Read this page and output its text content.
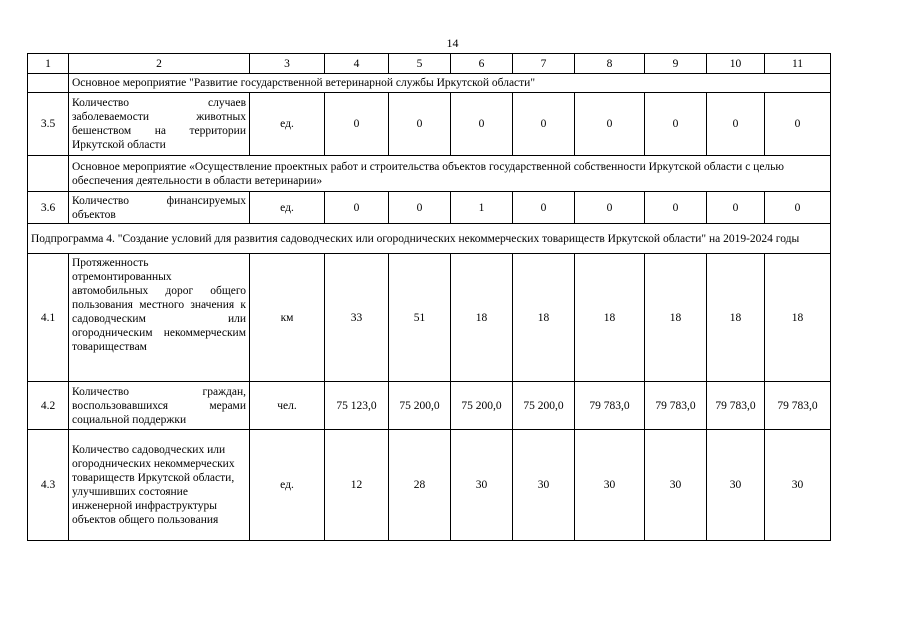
14
1	2	3	4	5	6	7	8	9	10	11
	Основное мероприятие "Развитие государственной ветеринарной службы Иркутской области"									
3.5	Количество случаев заболеваемости животных бешенством на территории Иркутской области	ед.	0	0	0	0	0	0	0	0
	Основное мероприятие «Осуществление проектных работ и строительства объектов государственной собственности Иркутской области с целью обеспечения деятельности в области ветеринарии»									
3.6	Количество финансируемых объектов	ед.	0	0	1	0	0	0	0	0
Подпрограмма 4. "Создание условий для развития садоводческих или огороднических некоммерческих товариществ Иркутской области" на 2019-2024 годы										
4.1	Протяженность отремонтированных автомобильных дорог общего пользования местного значения к садоводческим или огородническим некоммерческим товариществам	км	33	51	18	18	18	18	18	18
4.2	Количество граждан, воспользовавшихся мерами социальной поддержки	чел.	75 123,0	75 200,0	75 200,0	75 200,0	79 783,0	79 783,0	79 783,0	79 783,0
4.3	Количество садоводческих или огороднических некоммерческих товариществ Иркутской области, улучшивших состояние инженерной инфраструктуры объектов общего пользования	ед.	12	28	30	30	30	30	30	30
